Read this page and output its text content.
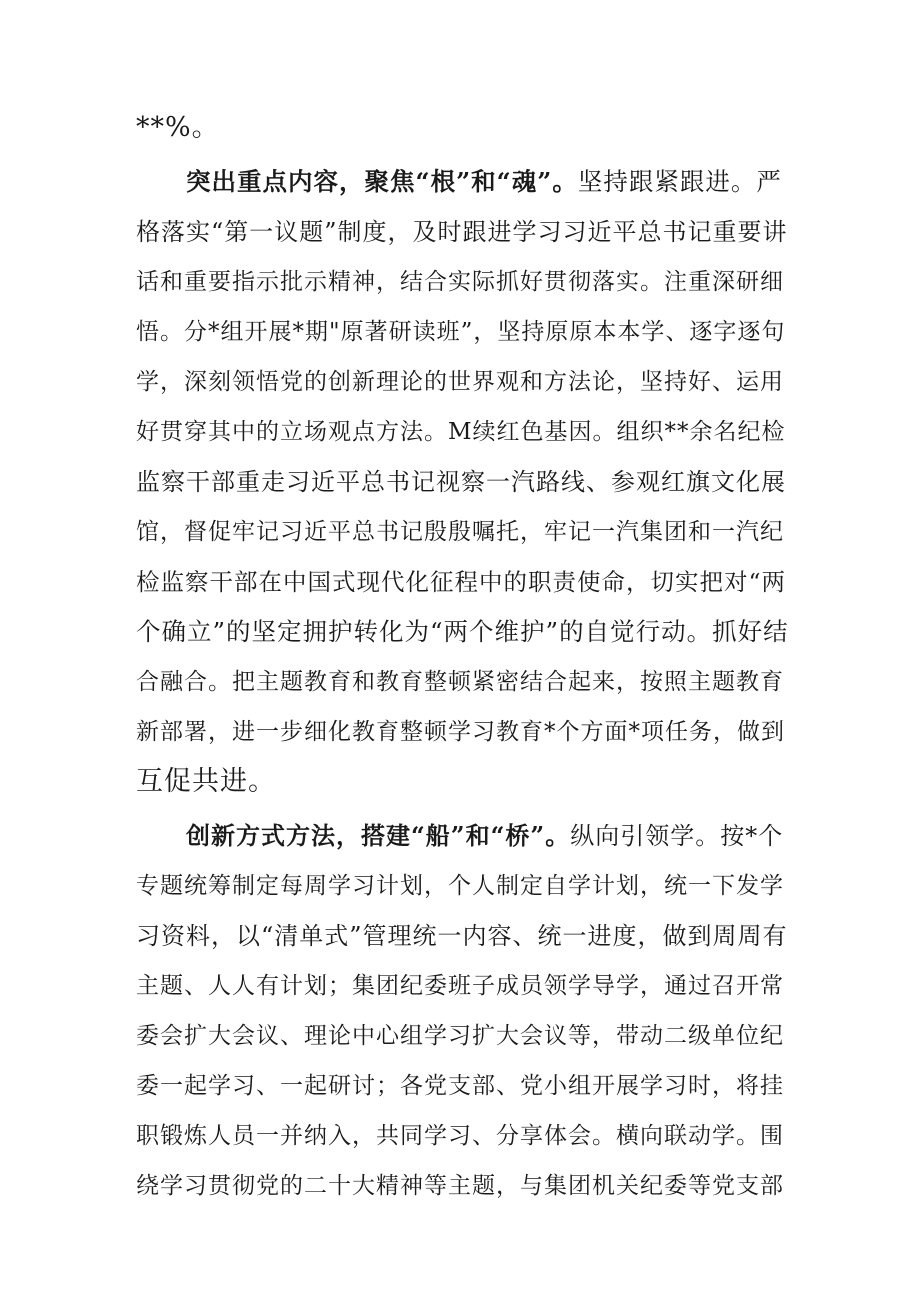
**%。
突出重点内容，聚焦“根”和“魂”。坚持跟紧跟进。严
格落实“第一议题”制度，及时跟进学习习近平总书记重要讲
话和重要指示批示精神，结合实际抓好贯彻落实。注重深研细
悟。分*组开展*期"原著研读班”，坚持原原本本学、逐字逐句
学，深刻领悟党的创新理论的世界观和方法论，坚持好、运用
好贯穿其中的立场观点方法。M续红色基因。组织**余名纪检
监察干部重走习近平总书记视察一汽路线、参观红旗文化展
馆，督促牢记习近平总书记殷殷嘱托，牢记一汽集团和一汽纪
检监察干部在中国式现代化征程中的职责使命，切实把对“两
个确立”的坚定拥护转化为“两个维护”的自觉行动。抓好结
合融合。把主题教育和教育整顿紧密结合起来，按照主题教育
新部署，进一步细化教育整顿学习教育*个方面*项任务，做到
互促共进。
创新方式方法，搭建“船”和“桥”。纵向引领学。按*个
专题统筹制定每周学习计划，个人制定自学计划，统一下发学
习资料，以“清单式”管理统一内容、统一进度，做到周周有
主题、人人有计划；集团纪委班子成员领学导学，通过召开常
委会扩大会议、理论中心组学习扩大会议等，带动二级单位纪
委一起学习、一起研讨；各党支部、党小组开展学习时，将挂
职锻炼人员一并纳入，共同学习、分享体会。横向联动学。围
绕学习贯彻党的二十大精神等主题，与集团机关纪委等党支部
